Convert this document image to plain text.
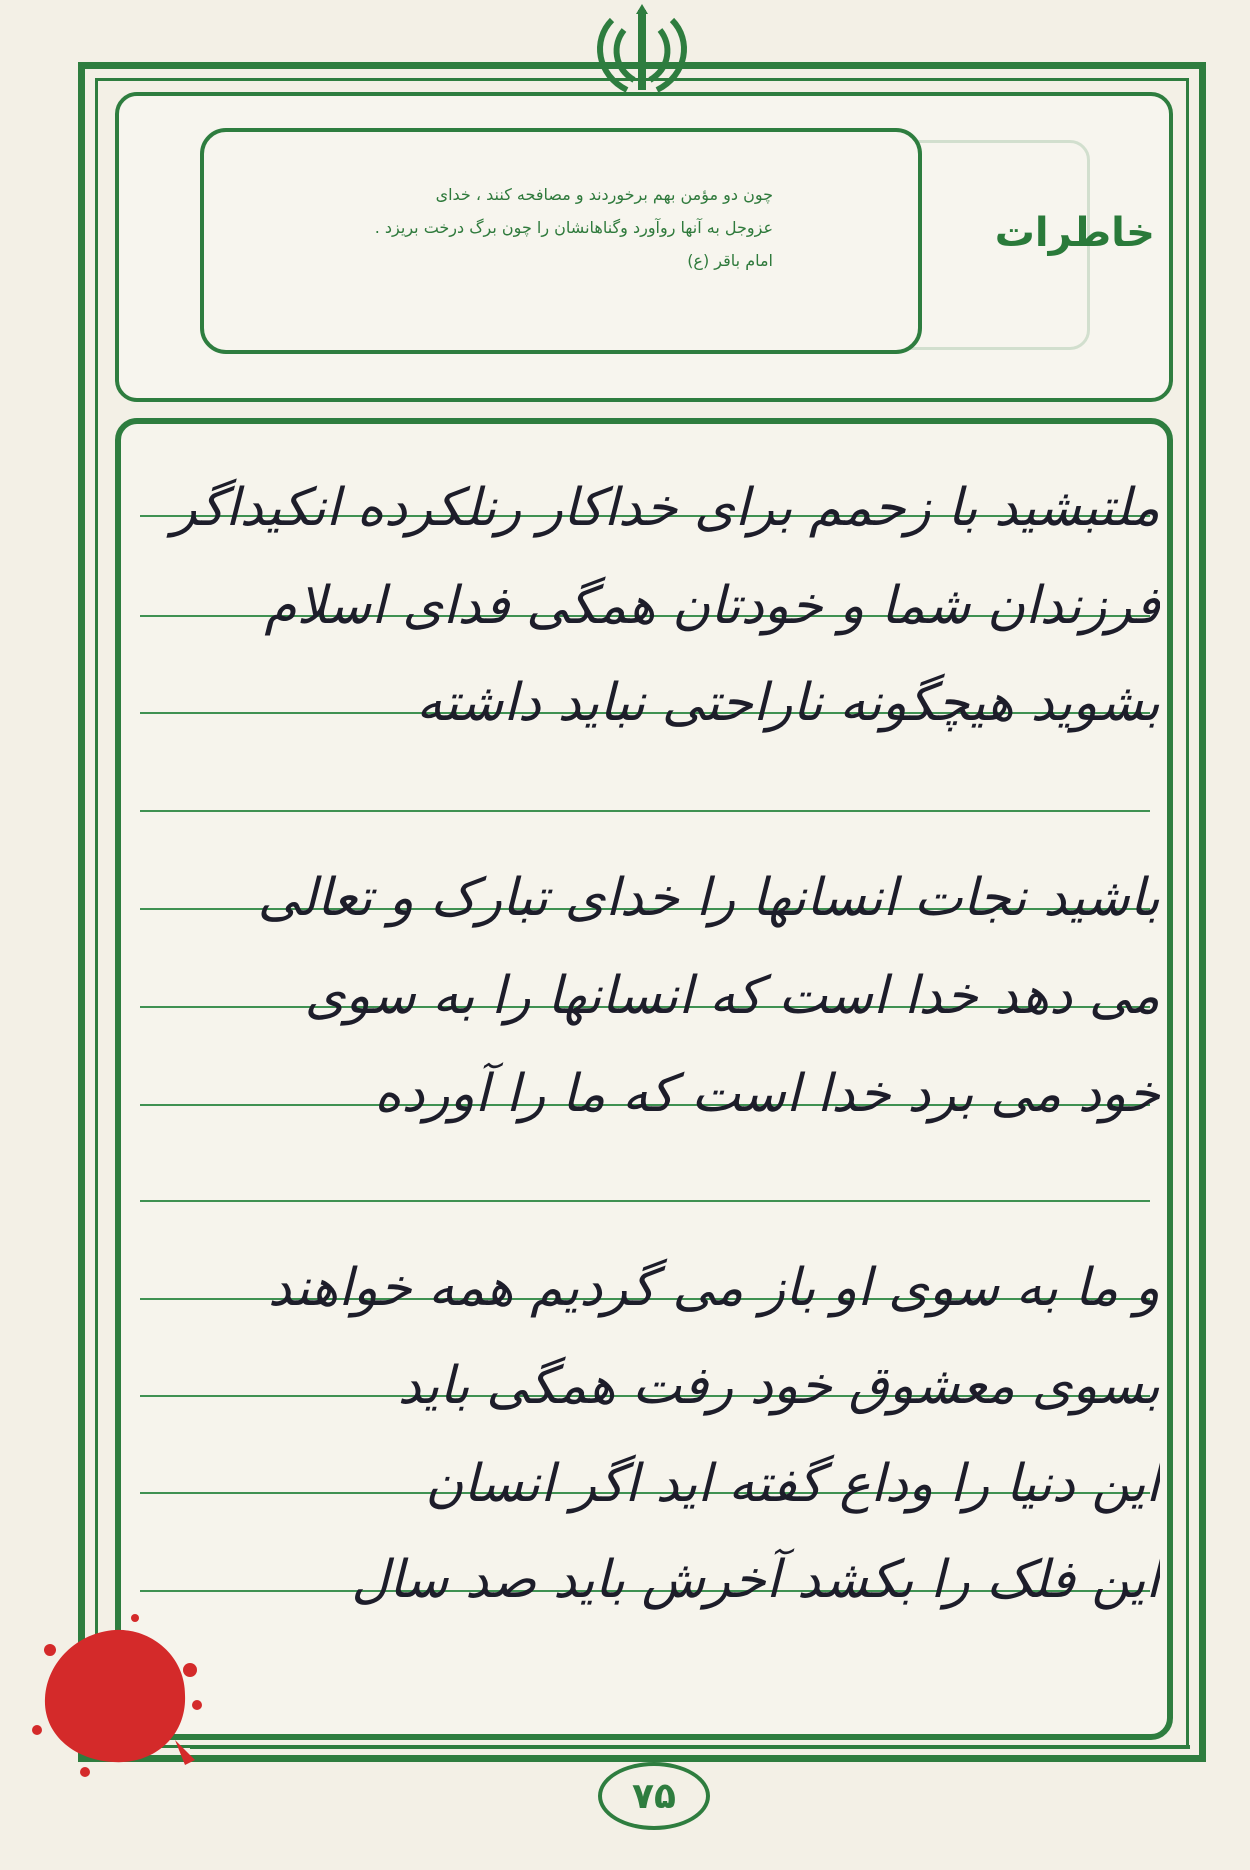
چون دو مؤمن بهم برخوردند و مصافحه کنند ، خدای
عزوجل به آنها روآورد وگناهانشان را چون برگ درخت بریزد .
امام باقر (ع)
خاطرات
ملتبشید با زحمم برای خداکار رنلکرده انکیداگر
فرزندان شما و خودتان همگی فدای اسلام
بشوید هیچگونه ناراحتی نباید داشته
باشید نجات انسانها را خدای تبارک و تعالی
می دهد خدا است که انسانها را به سوی
خود می برد خدا است که ما را آورده
و ما به سوی او باز می گردیم همه خواهند
بسوی معشوق خود رفت همگی باید
این دنیا را وداع گفته اید اگر انسان
این فلک را بکشد آخرش باید صد سال
۷۵
